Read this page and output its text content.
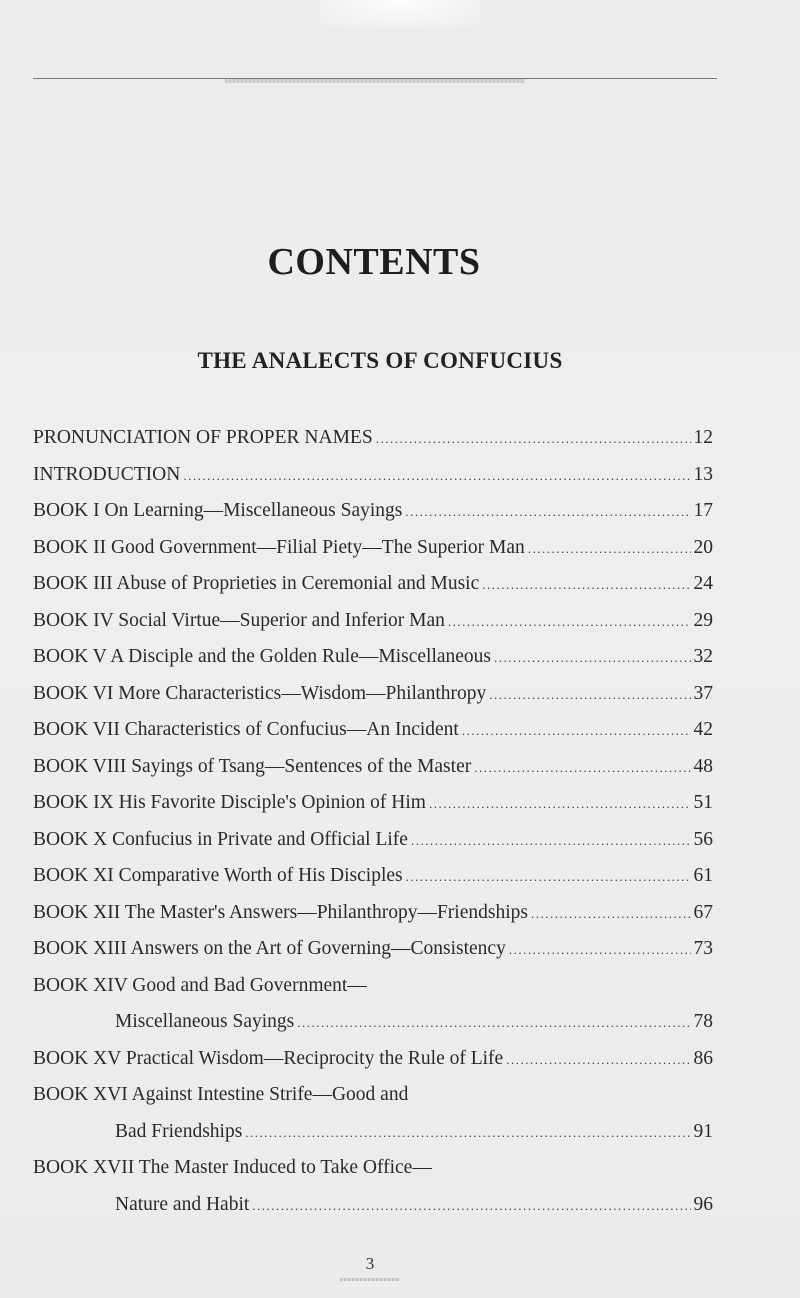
CONTENTS
THE ANALECTS OF CONFUCIUS
PRONUNCIATION OF PROPER NAMES .....	12
INTRODUCTION .....	13
BOOK I On Learning—Miscellaneous Sayings .....	17
BOOK II Good Government—Filial Piety—The Superior Man .....	20
BOOK III Abuse of Proprieties in Ceremonial and Music .....	24
BOOK IV Social Virtue—Superior and Inferior Man .....	29
BOOK V A Disciple and the Golden Rule—Miscellaneous .....	32
BOOK VI More Characteristics—Wisdom—Philanthropy .....	37
BOOK VII Characteristics of Confucius—An Incident .....	42
BOOK VIII Sayings of Tsang—Sentences of the Master .....	48
BOOK IX His Favorite Disciple's Opinion of Him .....	51
BOOK X Confucius in Private and Official Life .....	56
BOOK XI Comparative Worth of His Disciples .....	61
BOOK XII The Master's Answers—Philanthropy—Friendships .....	67
BOOK XIII Answers on the Art of Governing—Consistency .....	73
BOOK XIV Good and Bad Government—
Miscellaneous Sayings .....	78
BOOK XV Practical Wisdom—Reciprocity the Rule of Life .....	86
BOOK XVI Against Intestine Strife—Good and
Bad Friendships .....	91
BOOK XVII The Master Induced to Take Office—
Nature and Habit .....	96
3
